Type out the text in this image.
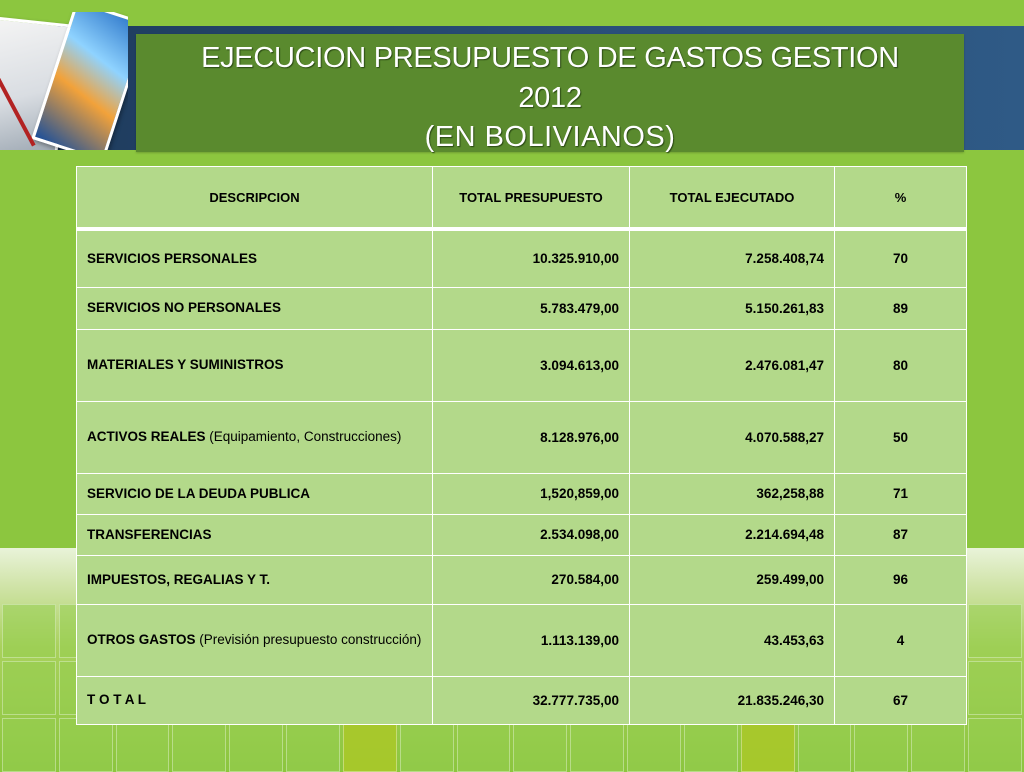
EJECUCION PRESUPUESTO DE GASTOS GESTION
2012
(EN BOLIVIANOS)
DESCRIPCION	TOTAL PRESUPUESTO	TOTAL EJECUTADO	%
SERVICIOS PERSONALES	10.325.910,00	7.258.408,74	70
SERVICIOS NO PERSONALES	5.783.479,00	5.150.261,83	89
MATERIALES Y SUMINISTROS	3.094.613,00	2.476.081,47	80
ACTIVOS REALES (Equipamiento, Construcciones)	8.128.976,00	4.070.588,27	50
SERVICIO DE LA DEUDA PUBLICA	1,520,859,00	362,258,88	71
TRANSFERENCIAS	2.534.098,00	2.214.694,48	87
IMPUESTOS, REGALIAS Y T.	270.584,00	259.499,00	96
OTROS GASTOS (Previsión presupuesto construcción)	1.113.139,00	43.453,63	4
T O T A L	32.777.735,00	21.835.246,30	67
